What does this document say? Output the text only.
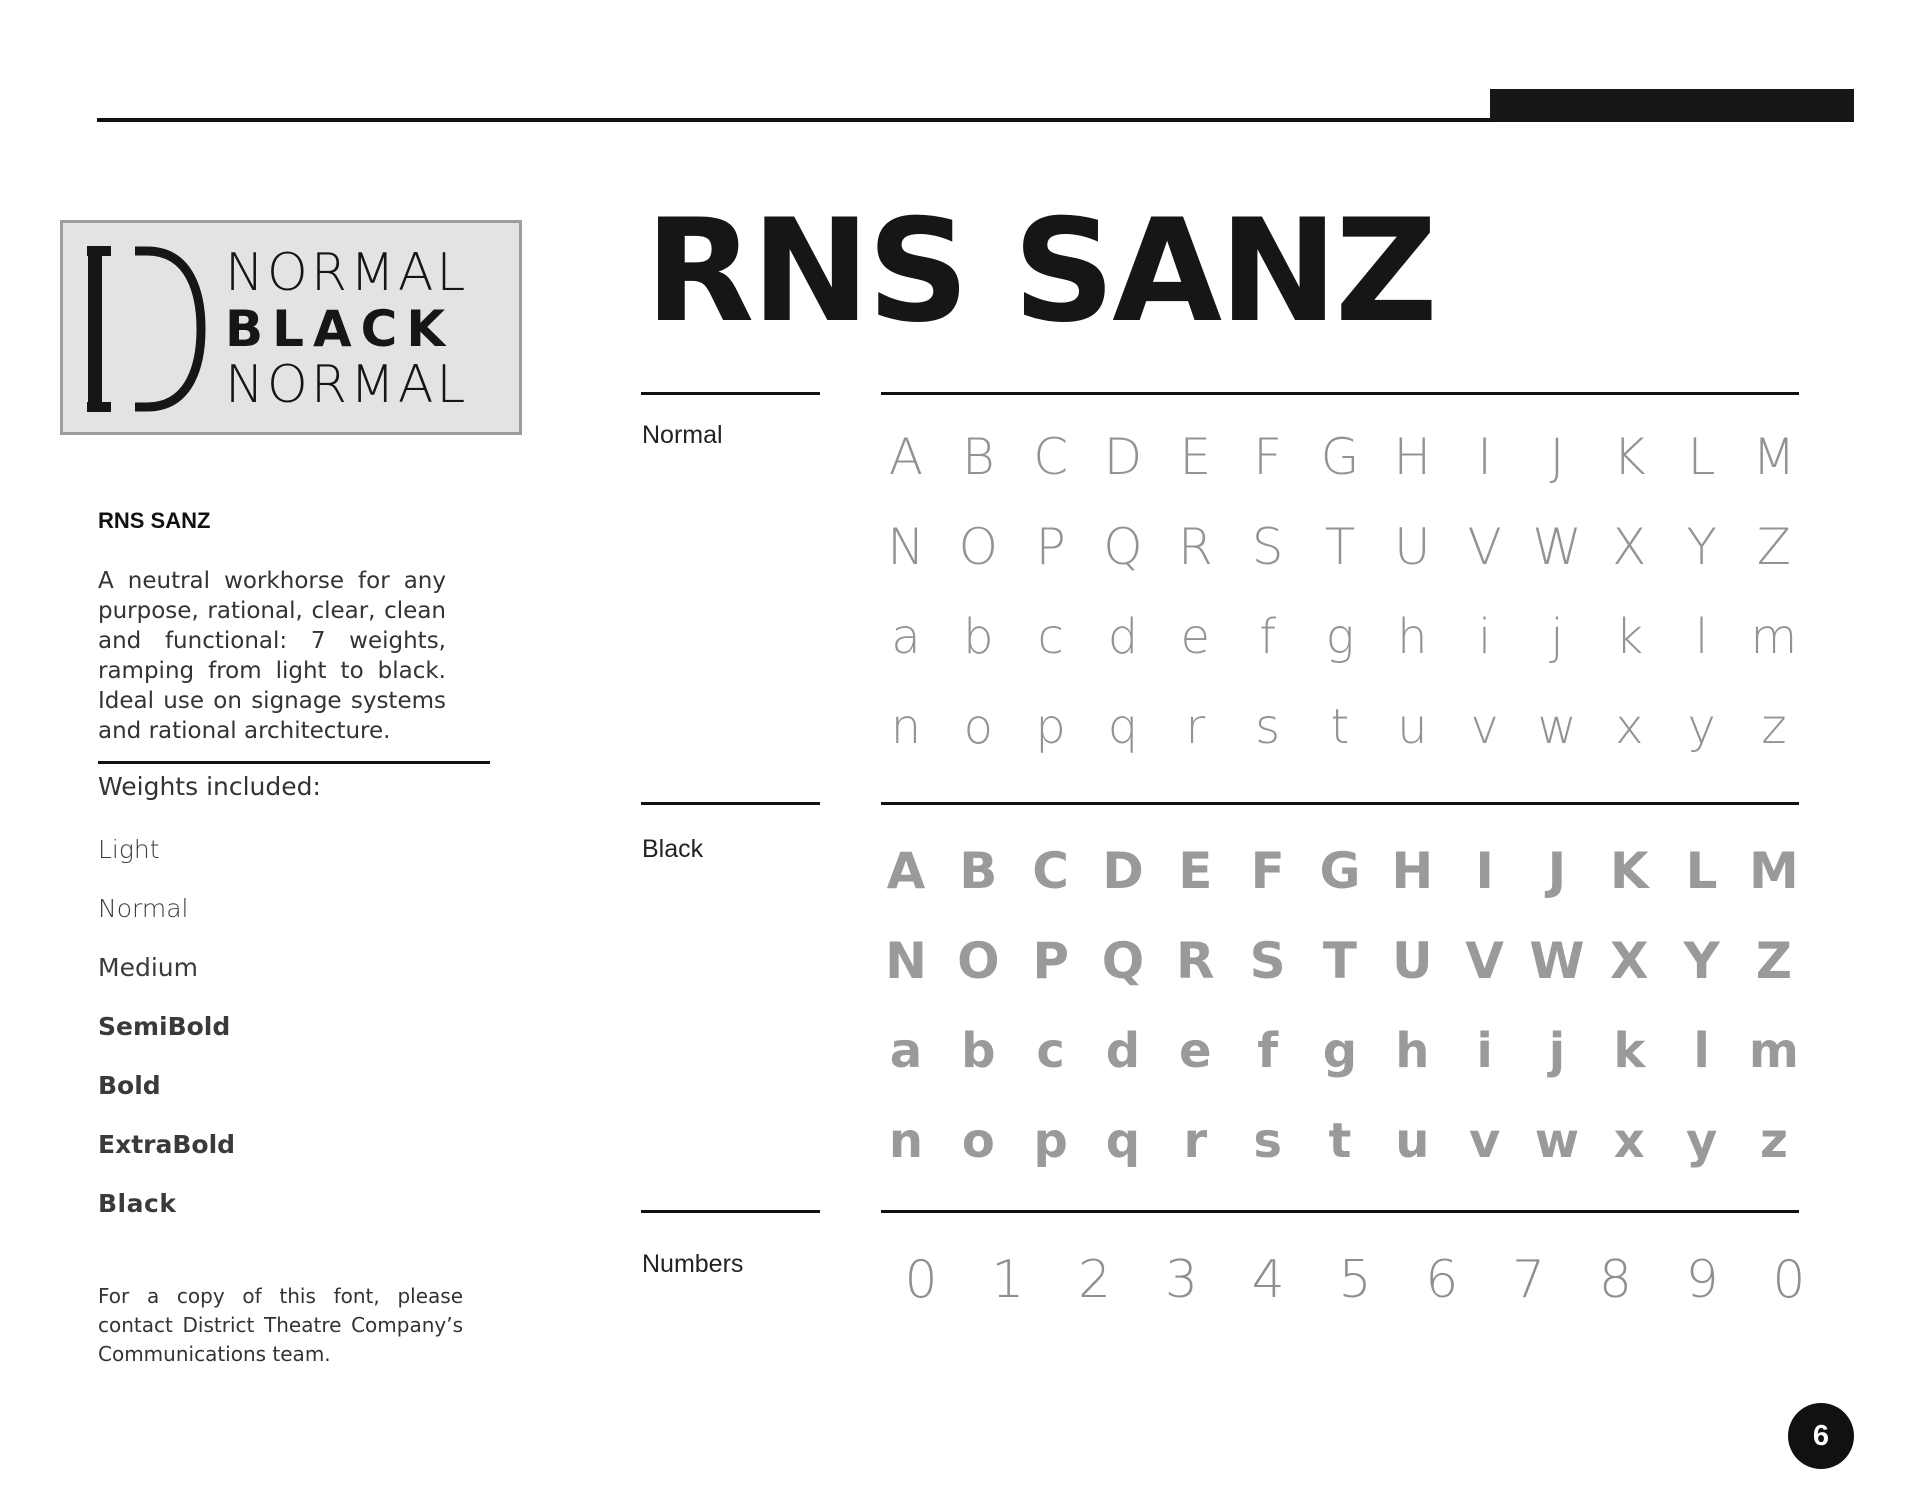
NORMAL
BLACK
NORMAL
RNS SANZ

A neutral workhorse for any purpose, rational, clear, clean and functional: 7 weights, ramping from light to black. Ideal use on signage systems and rational architecture.

Weights included:
Light
Normal
Medium
SemiBold
Bold
ExtraBold
Black

For a copy of this font, please contact District Theatre Company’s Communications team.

RNS SANZ
Normal	A B C D E F G H I	J K L M
N O P Q R S T U V W X Y Z
a b c d e	f	g h	i	j	k	l m
n o p q r	s	t u v w x y z
Black	A B C D E F G H I	J K L M
N O P Q R S T U V W X Y Z
a b c d e f g h i	j	k	l m
n o p q r s t u v w x y z
Numbers	0	1	2	3	4	5	6	7	8	9	0
6
